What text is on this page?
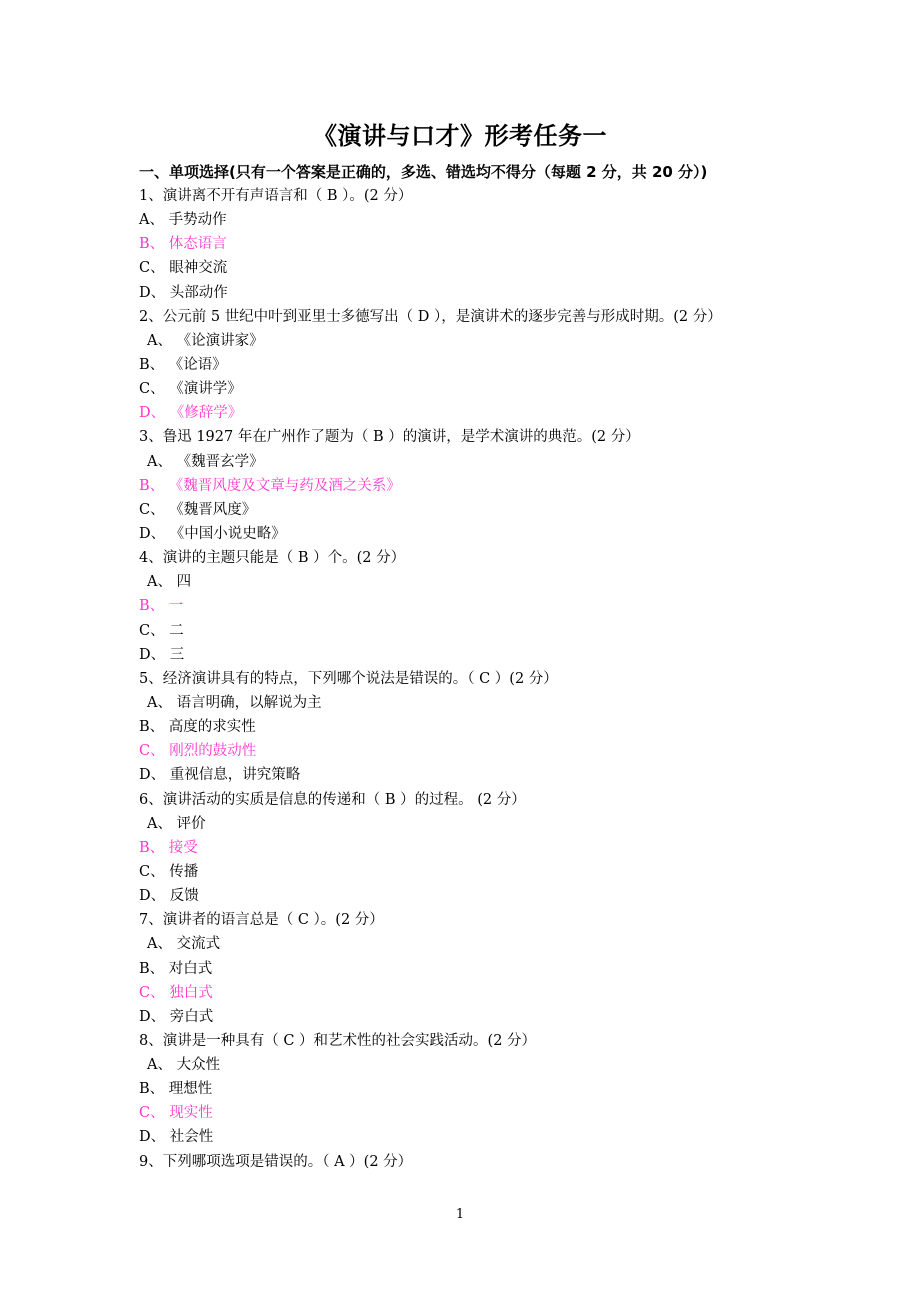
《演讲与口才》形考任务一
一、单项选择(只有一个答案是正确的，多选、错选均不得分（每题 2 分，共 20 分）)
1、演讲离不开有声语言和（ B ）。(2 分）
A、 手势动作
B、 体态语言
C、 眼神交流
D、 头部动作
2、公元前 5 世纪中叶到亚里士多德写出（ D ），是演讲术的逐步完善与形成时期。(2 分）
A、 《论演讲家》
B、 《论语》
C、 《演讲学》
D、 《修辞学》
3、鲁迅 1927 年在广州作了题为（ B ）的演讲，是学术演讲的典范。(2 分）
A、 《魏晋玄学》
B、 《魏晋风度及文章与药及酒之关系》
C、 《魏晋风度》
D、 《中国小说史略》
4、演讲的主题只能是（ B ）个。(2 分）
A、 四
B、 一
C、 二
D、 三
5、经济演讲具有的特点，下列哪个说法是错误的。（ C ）(2 分）
A、 语言明确，以解说为主
B、 高度的求实性
C、 刚烈的鼓动性
D、 重视信息，讲究策略
6、演讲活动的实质是信息的传递和（ B ）的过程。 (2 分）
A、 评价
B、 接受
C、 传播
D、 反馈
7、演讲者的语言总是（ C ）。(2 分）
A、 交流式
B、 对白式
C、 独白式
D、 旁白式
8、演讲是一种具有（ C ）和艺术性的社会实践活动。(2 分）
A、 大众性
B、 理想性
C、 现实性
D、 社会性
9、下列哪项选项是错误的。（ A ）(2 分）
1
